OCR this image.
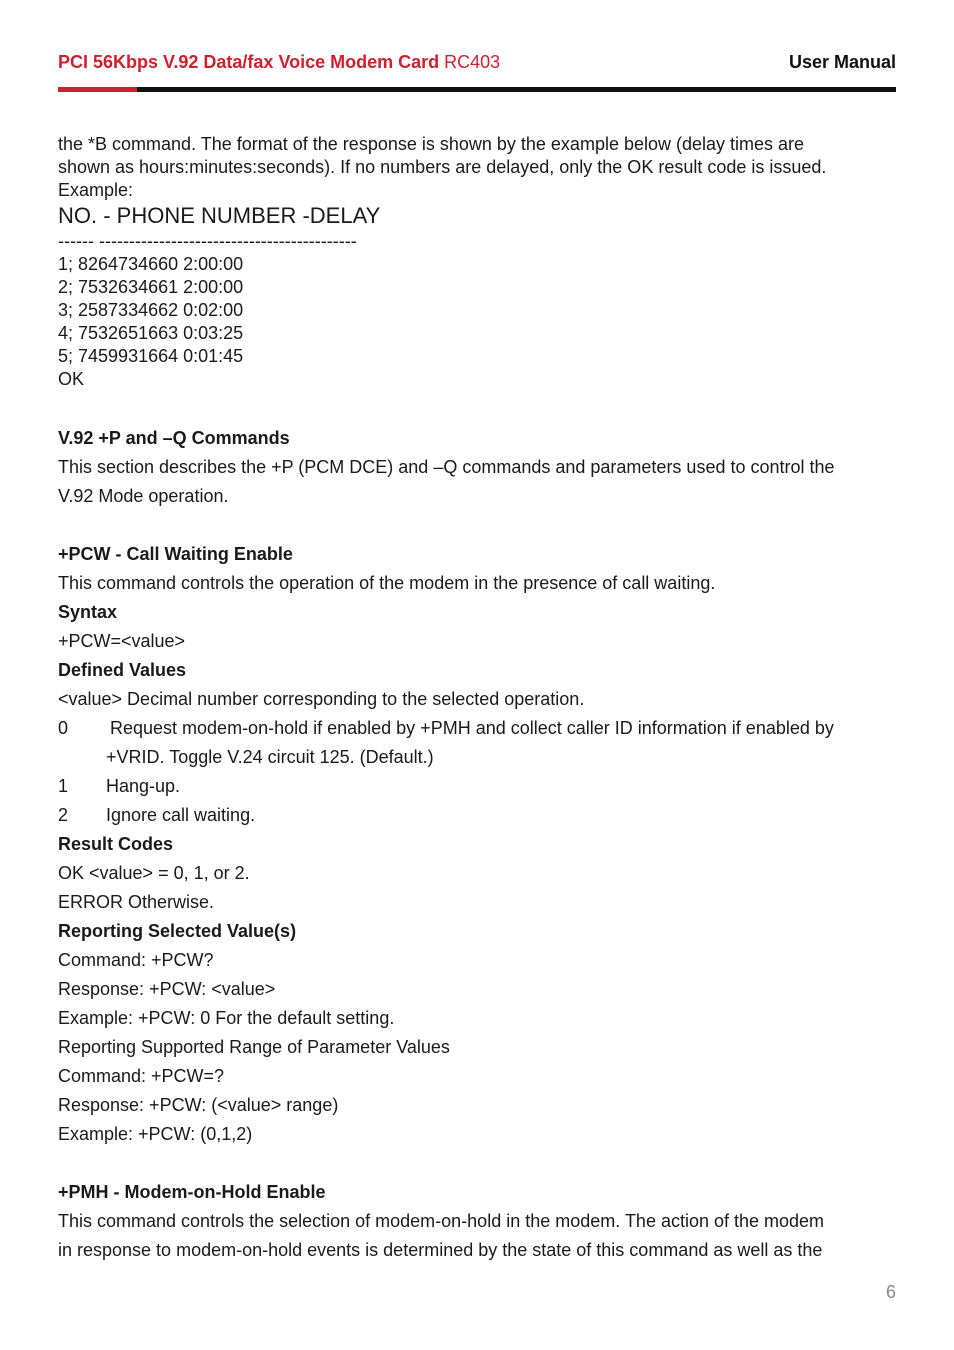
PCI 56Kbps V.92 Data/fax Voice Modem Card RC403	User Manual

the *B command. The format of the response is shown by the example below (delay times are

shown as hours:minutes:seconds). If no numbers are delayed, only the OK result code is issued.

Example:

NO. - PHONE NUMBER -DELAY

------ -------------------------------------------

1; 8264734660 2:00:00
2; 7532634661 2:00:00
3; 2587334662 0:02:00
4; 7532651663 0:03:25
5; 7459931664 0:01:45
OK

V.92 +P and –Q Commands

This section describes the +P (PCM DCE) and –Q commands and parameters used to control the

V.92 Mode operation.

+PCW - Call Waiting Enable

This command controls the operation of the modem in the presence of call waiting.

Syntax

+PCW=<value>

Defined Values

<value> Decimal number corresponding to the selected operation.

0	Request modem-on-hold if enabled by +PMH and collect caller ID information if enabled by
+VRID. Toggle V.24 circuit 125. (Default.)
1	Hang-up.
2	Ignore call waiting.

Result Codes

OK <value> = 0, 1, or 2.

ERROR Otherwise.

Reporting Selected Value(s)

Command: +PCW?

Response: +PCW: <value>

Example: +PCW: 0 For the default setting.

Reporting Supported Range of Parameter Values

Command: +PCW=?

Response: +PCW: (<value> range)

Example: +PCW: (0,1,2)

+PMH - Modem-on-Hold Enable

This command controls the selection of modem-on-hold in the modem. The action of the modem

in response to modem-on-hold events is determined by the state of this command as well as the

6
